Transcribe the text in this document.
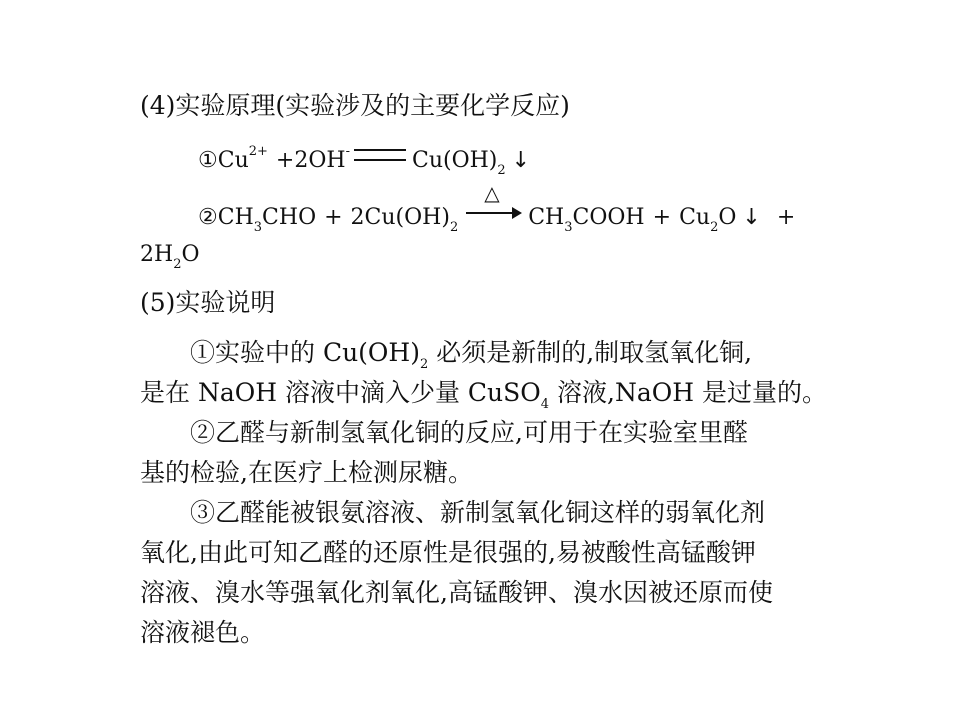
(4)实验原理(实验涉及的主要化学反应)
$①Cu^{2+} +2OH^-$	$Cu(OH)_2$ ↓
$②CH_3CHO + 2Cu(OH)_2$
△
$CH_3COOH + Cu_2O$ ↓ +
$2H_2O$
(5)实验说明
①实验中的 $Cu(OH)_2$ 必须是新制的,制取氢氧化铜,
是在 NaOH 溶液中滴入少量 CuSO$_4$ 溶液,NaOH 是过量的。
②乙醛与新制氢氧化铜的反应,可用于在实验室里醛
基的检验,在医疗上检测尿糖。
③乙醛能被银氨溶液、新制氢氧化铜这样的弱氧化剂
氧化,由此可知乙醛的还原性是很强的,易被酸性高锰酸钾
溶液、溴水等强氧化剂氧化,高锰酸钾、溴水因被还原而使
溶液褪色。
